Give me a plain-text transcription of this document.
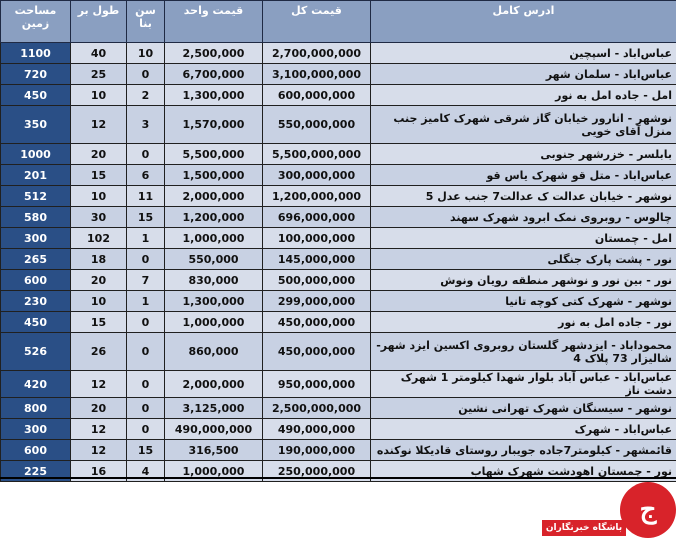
مساحت زمین	طول بر	سن بنا	قیمت واحد	قیمت کل	ادرس کامل
1100	40	10	2,500,000	2,700,000,000	عباس‌اباد - اسپچین
720	25	0	6,700,000	3,100,000,000	عباس‌اباد - سلمان شهر
450	10	2	1,300,000	600,000,000	امل - جاده امل به نور
350	12	3	1,570,000	550,000,000	نوشهر - انارور خیابان گاز شرقی شهرک کامیز جنب منزل آقای خویی
1000	20	0	5,500,000	5,500,000,000	بابلسر - خزرشهر جنوبی
201	15	6	1,500,000	300,000,000	عباس‌اباد - متل قو شهرک یاس قو
512	10	11	2,000,000	1,200,000,000	نوشهر - خیابان عدالت ک عدالت7 جنب عدل 5
580	30	15	1,200,000	696,000,000	چالوس - روبروی نمک ابرود شهرک سهند
300	102	1	1,000,000	100,000,000	امل - چمستان
265	18	0	550,000	145,000,000	نور - پشت پارک جنگلی
600	20	7	830,000	500,000,000	نور - بین نور و نوشهر منطقه رویان ونوش
230	10	1	1,300,000	299,000,000	نوشهر - شهرک کتی کوچه تانیا
450	15	0	1,000,000	450,000,000	نور - جاده امل به نور
526	26	0	860,000	450,000,000	محموداباد - ایزدشهر گلستان روبروی اکسین ایزد شهر-شالیزار 73 پلاک 4
420	12	0	2,000,000	950,000,000	عباس‌اباد - عباس آباد بلوار شهدا کیلومتر 1 شهرک دشت ناز
800	20	0	3,125,000	2,500,000,000	نوشهر - سیسنگان شهرک تهرانی نشین
300	12	0	490,000,000	490,000,000	عباس‌اباد - شهرک
600	12	15	316,500	190,000,000	قائمشهر - کیلومتر7جاده جویبار روستای قادیکلا نوکنده
225	16	4	1,000,000	250,000,000	نور - چمستان اهودشت شهرک شهاب
ج
باشگاه خبرنگاران
